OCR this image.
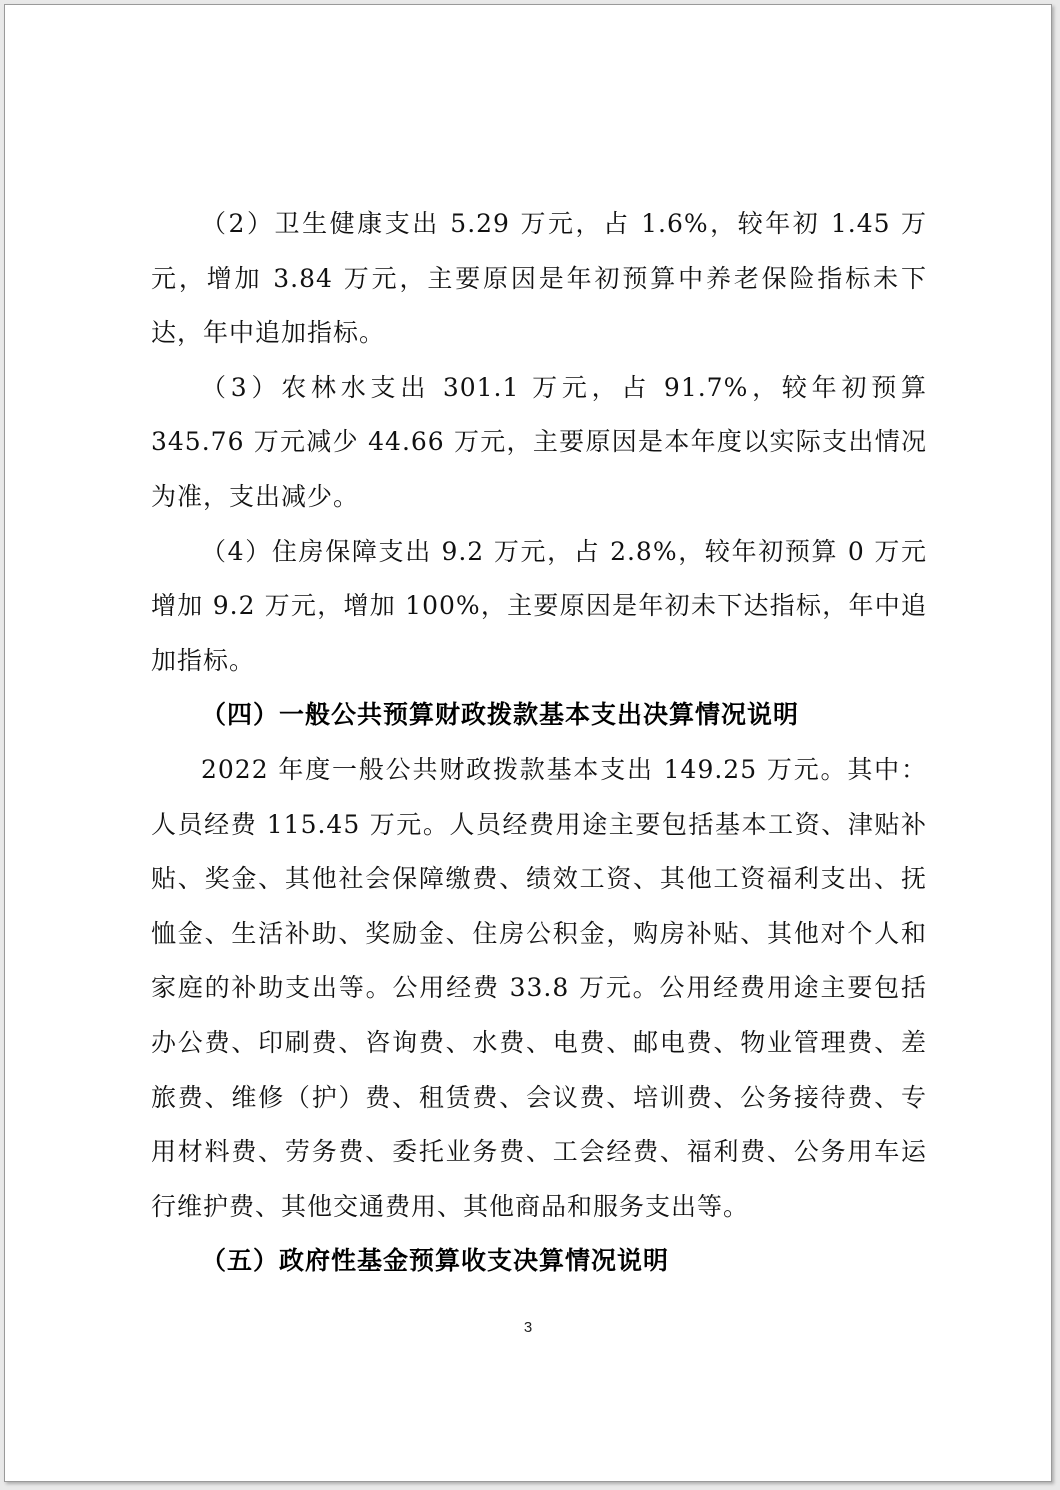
（2）卫生健康支出 5.29 万元，占 1.6%，较年初 1.45 万元，增加 3.84 万元，主要原因是年初预算中养老保险指标未下达，年中追加指标。

（3）农林水支出 301.1 万元，占 91.7%，较年初预算 345.76 万元减少 44.66 万元，主要原因是本年度以实际支出情况为准，支出减少。

（4）住房保障支出 9.2 万元，占 2.8%，较年初预算 0 万元增加 9.2 万元，增加 100%，主要原因是年初未下达指标，年中追加指标。

（四）一般公共预算财政拨款基本支出决算情况说明

2022 年度一般公共财政拨款基本支出 149.25 万元。其中：人员经费 115.45 万元。人员经费用途主要包括基本工资、津贴补贴、奖金、其他社会保障缴费、绩效工资、其他工资福利支出、抚恤金、生活补助、奖励金、住房公积金，购房补贴、其他对个人和家庭的补助支出等。公用经费 33.8 万元。公用经费用途主要包括办公费、印刷费、咨询费、水费、电费、邮电费、物业管理费、差旅费、维修（护）费、租赁费、会议费、培训费、公务接待费、专用材料费、劳务费、委托业务费、工会经费、福利费、公务用车运行维护费、其他交通费用、其他商品和服务支出等。

（五）政府性基金预算收支决算情况说明

3
